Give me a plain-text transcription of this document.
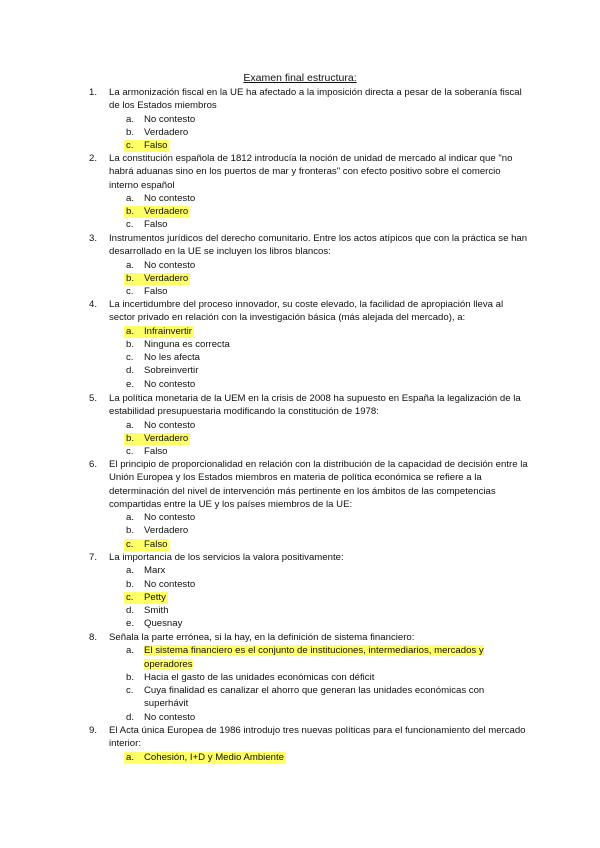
Examen final estructura:
1.	La armonización fiscal en la UE ha afectado a la imposición directa a pesar de la soberanía fiscal de los Estados miembros
a.	No contesto
b.	Verdadero
c.	Falso
2.	La constitución española de 1812 introducía la noción de unidad de mercado al indicar que "no habrá aduanas sino en los puertos de mar y fronteras" con efecto positivo sobre el comercio interno español
a.	No contesto
b.	Verdadero
c.	Falso
3.	Instrumentos jurídicos del derecho comunitario. Entre los actos atípicos que con la práctica se han desarrollado en la UE se incluyen los libros blancos:
a.	No contesto
b.	Verdadero
c.	Falso
4.	La incertidumbre del proceso innovador, su coste elevado, la facilidad de apropiación lleva al sector privado en relación con la investigación básica (más alejada del mercado), a:
a.	Infrainvertir
b.	Ninguna es correcta
c.	No les afecta
d.	Sobreinvertir
e.	No contesto
5.	La política monetaria de la UEM en la crisis de 2008 ha supuesto en España la legalización de la estabilidad presupuestaria modificando la constitución de 1978:
a.	No contesto
b.	Verdadero
c.	Falso
6.	El principio de proporcionalidad en relación con la distribución de la capacidad de decisión entre la Unión Europea y los Estados miembros en materia de política económica se refiere a la determinación del nivel de intervención más pertinente en los ámbitos de las competencias compartidas entre la UE y los países miembros de la UE:
a.	No contesto
b.	Verdadero
c.	Falso
7.	La importancia de los servicios la valora positivamente:
a.	Marx
b.	No contesto
c.	Petty
d.	Smith
e.	Quesnay
8.	Señala la parte errónea, si la hay, en la definición de sistema financiero:
a.	El sistema financiero es el conjunto de instituciones, intermediarios, mercados y operadores
b.	Hacia el gasto de las unidades económicas con déficit
c.	Cuya finalidad es canalizar el ahorro que generan las unidades económicas con superhávit
d.	No contesto
9.	El Acta única Europea de 1986 introdujo tres nuevas políticas para el funcionamiento del mercado interior:
a.	Cohesión, I+D y Medio Ambiente
